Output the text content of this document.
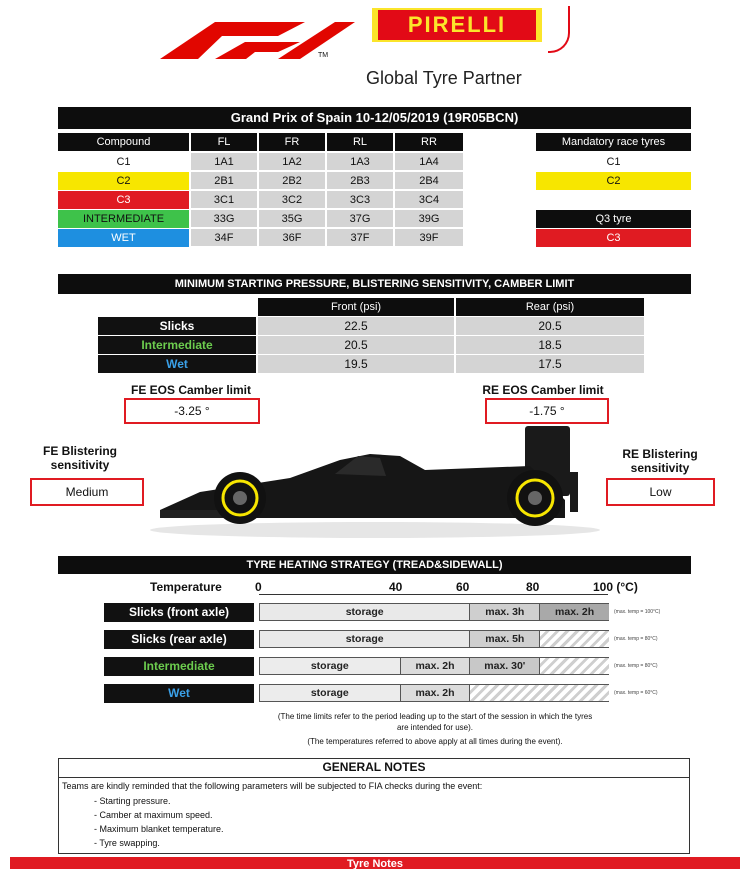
TM
PIRELLI
Global Tyre Partner
Grand Prix of Spain 10-12/05/2019 (19R05BCN)
Compound	FL	FR	RL	RR
C1	1A1	1A2	1A3	1A4
C2	2B1	2B2	2B3	2B4
C3	3C1	3C2	3C3	3C4
INTERMEDIATE	33G	35G	37G	39G
WET	34F	36F	37F	39F
Mandatory race tyres
C1
C2
Q3 tyre
C3
MINIMUM STARTING PRESSURE, BLISTERING SENSITIVITY, CAMBER LIMIT
Front (psi)	Rear (psi)
Slicks	22.5	20.5
Intermediate	20.5	18.5
Wet	19.5	17.5
FE EOS Camber limit
-3.25 °
RE EOS Camber limit
-1.75 °
FE Blistering
sensitivity
Medium
RE Blistering
sensitivity
Low
TYRE HEATING STRATEGY (TREAD&SIDEWALL)
Temperature	0	40	60	80	100 (°C)
Slicks (front axle)	storage	max. 3h	max. 2h	(max. temp = 100°C)
Slicks (rear axle)	storage	max. 5h	(max. temp = 80°C)
Intermediate	storage	max. 2h	max. 30'	(max. temp = 80°C)
Wet	storage	max. 2h	(max. temp = 60°C)
(The time limits refer to the period leading up to the start of the session in which the tyres
are intended for use).
(The temperatures referred to above apply at all times during the event).
GENERAL NOTES
Teams are kindly reminded that the following parameters will be subjected to FIA checks during the event:
- Starting pressure.
- Camber at maximum speed.
- Maximum blanket temperature.
- Tyre swapping.
Tyre Notes
